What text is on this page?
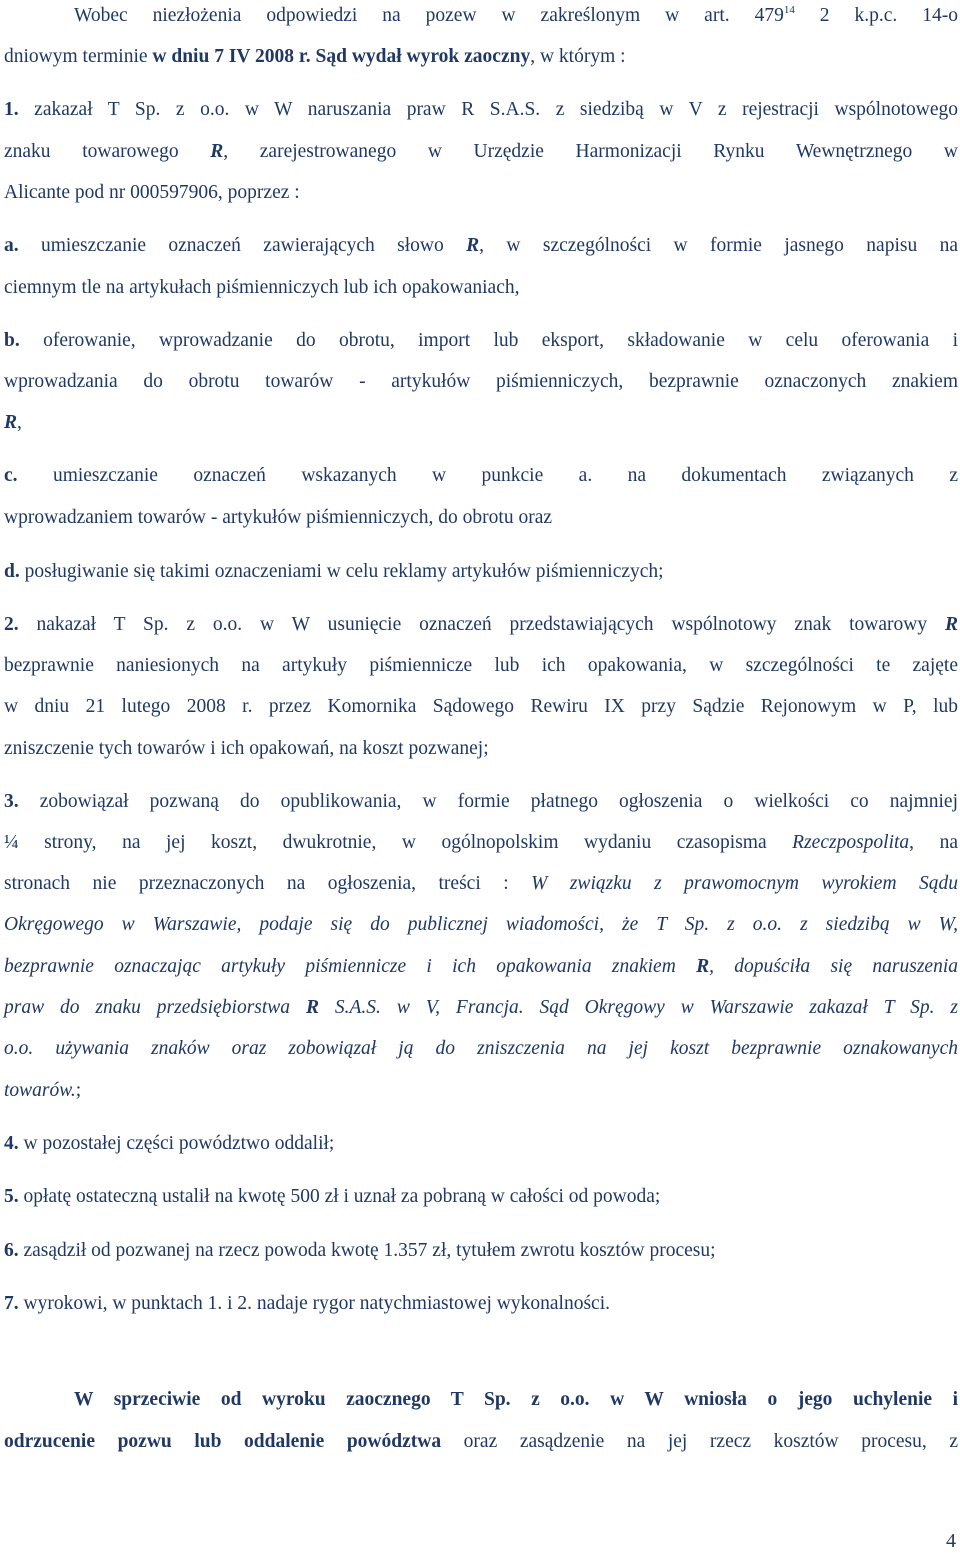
Wobec niezłożenia odpowiedzi na pozew w zakreślonym w art. $479^{14}$ 2 k.p.c. 14-o
dniowym terminie w dniu 7 IV 2008 r. Sąd wydał wyrok zaoczny, w którym :
1. zakazał T Sp. z o.o. w W naruszania praw R S.A.S. z siedzibą w V z rejestracji wspólnotowego
znaku towarowego R, zarejestrowanego w Urzędzie Harmonizacji Rynku Wewnętrznego w
Alicante pod nr 000597906, poprzez :
a. umieszczanie oznaczeń zawierających słowo R, w szczególności w formie jasnego napisu na
ciemnym tle na artykułach piśmienniczych lub ich opakowaniach,
b. oferowanie, wprowadzanie do obrotu, import lub eksport, składowanie w celu oferowania i
wprowadzania do obrotu towarów - artykułów piśmienniczych, bezprawnie oznaczonych znakiem
R,
c. umieszczanie oznaczeń wskazanych w punkcie a. na dokumentach związanych z
wprowadzaniem towarów - artykułów piśmienniczych, do obrotu oraz
d. posługiwanie się takimi oznaczeniami w celu reklamy artykułów piśmienniczych;
2. nakazał T Sp. z o.o. w W usunięcie oznaczeń przedstawiających wspólnotowy znak towarowy R
bezprawnie naniesionych na artykuły piśmiennicze lub ich opakowania, w szczególności te zajęte
w dniu 21 lutego 2008 r. przez Komornika Sądowego Rewiru IX przy Sądzie Rejonowym w P, lub
zniszczenie tych towarów i ich opakowań, na koszt pozwanej;
3. zobowiązał pozwaną do opublikowania, w formie płatnego ogłoszenia o wielkości co najmniej
¼ strony, na jej koszt, dwukrotnie, w ogólnopolskim wydaniu czasopisma Rzeczpospolita, na
stronach nie przeznaczonych na ogłoszenia, treści : W związku z prawomocnym wyrokiem Sądu
Okręgowego w Warszawie, podaje się do publicznej wiadomości, że T Sp. z o.o. z siedzibą w W,
bezprawnie oznaczając artykuły piśmiennicze i ich opakowania znakiem R, dopuściła się naruszenia
praw do znaku przedsiębiorstwa R S.A.S. w V, Francja. Sąd Okręgowy w Warszawie zakazał T Sp. z
o.o. używania znaków oraz zobowiązał ją do zniszczenia na jej koszt bezprawnie oznakowanych
towarów.;
4. w pozostałej części powództwo oddalił;
5. opłatę ostateczną ustalił na kwotę 500 zł i uznał za pobraną w całości od powoda;
6. zasądził od pozwanej na rzecz powoda kwotę 1.357 zł, tytułem zwrotu kosztów procesu;
7. wyrokowi, w punktach 1. i 2. nadaje rygor natychmiastowej wykonalności.
W sprzeciwie od wyroku zaocznego T Sp. z o.o. w W wniosła o jego uchylenie i
odrzucenie pozwu lub oddalenie powództwa oraz zasądzenie na jej rzecz kosztów procesu, z
4
